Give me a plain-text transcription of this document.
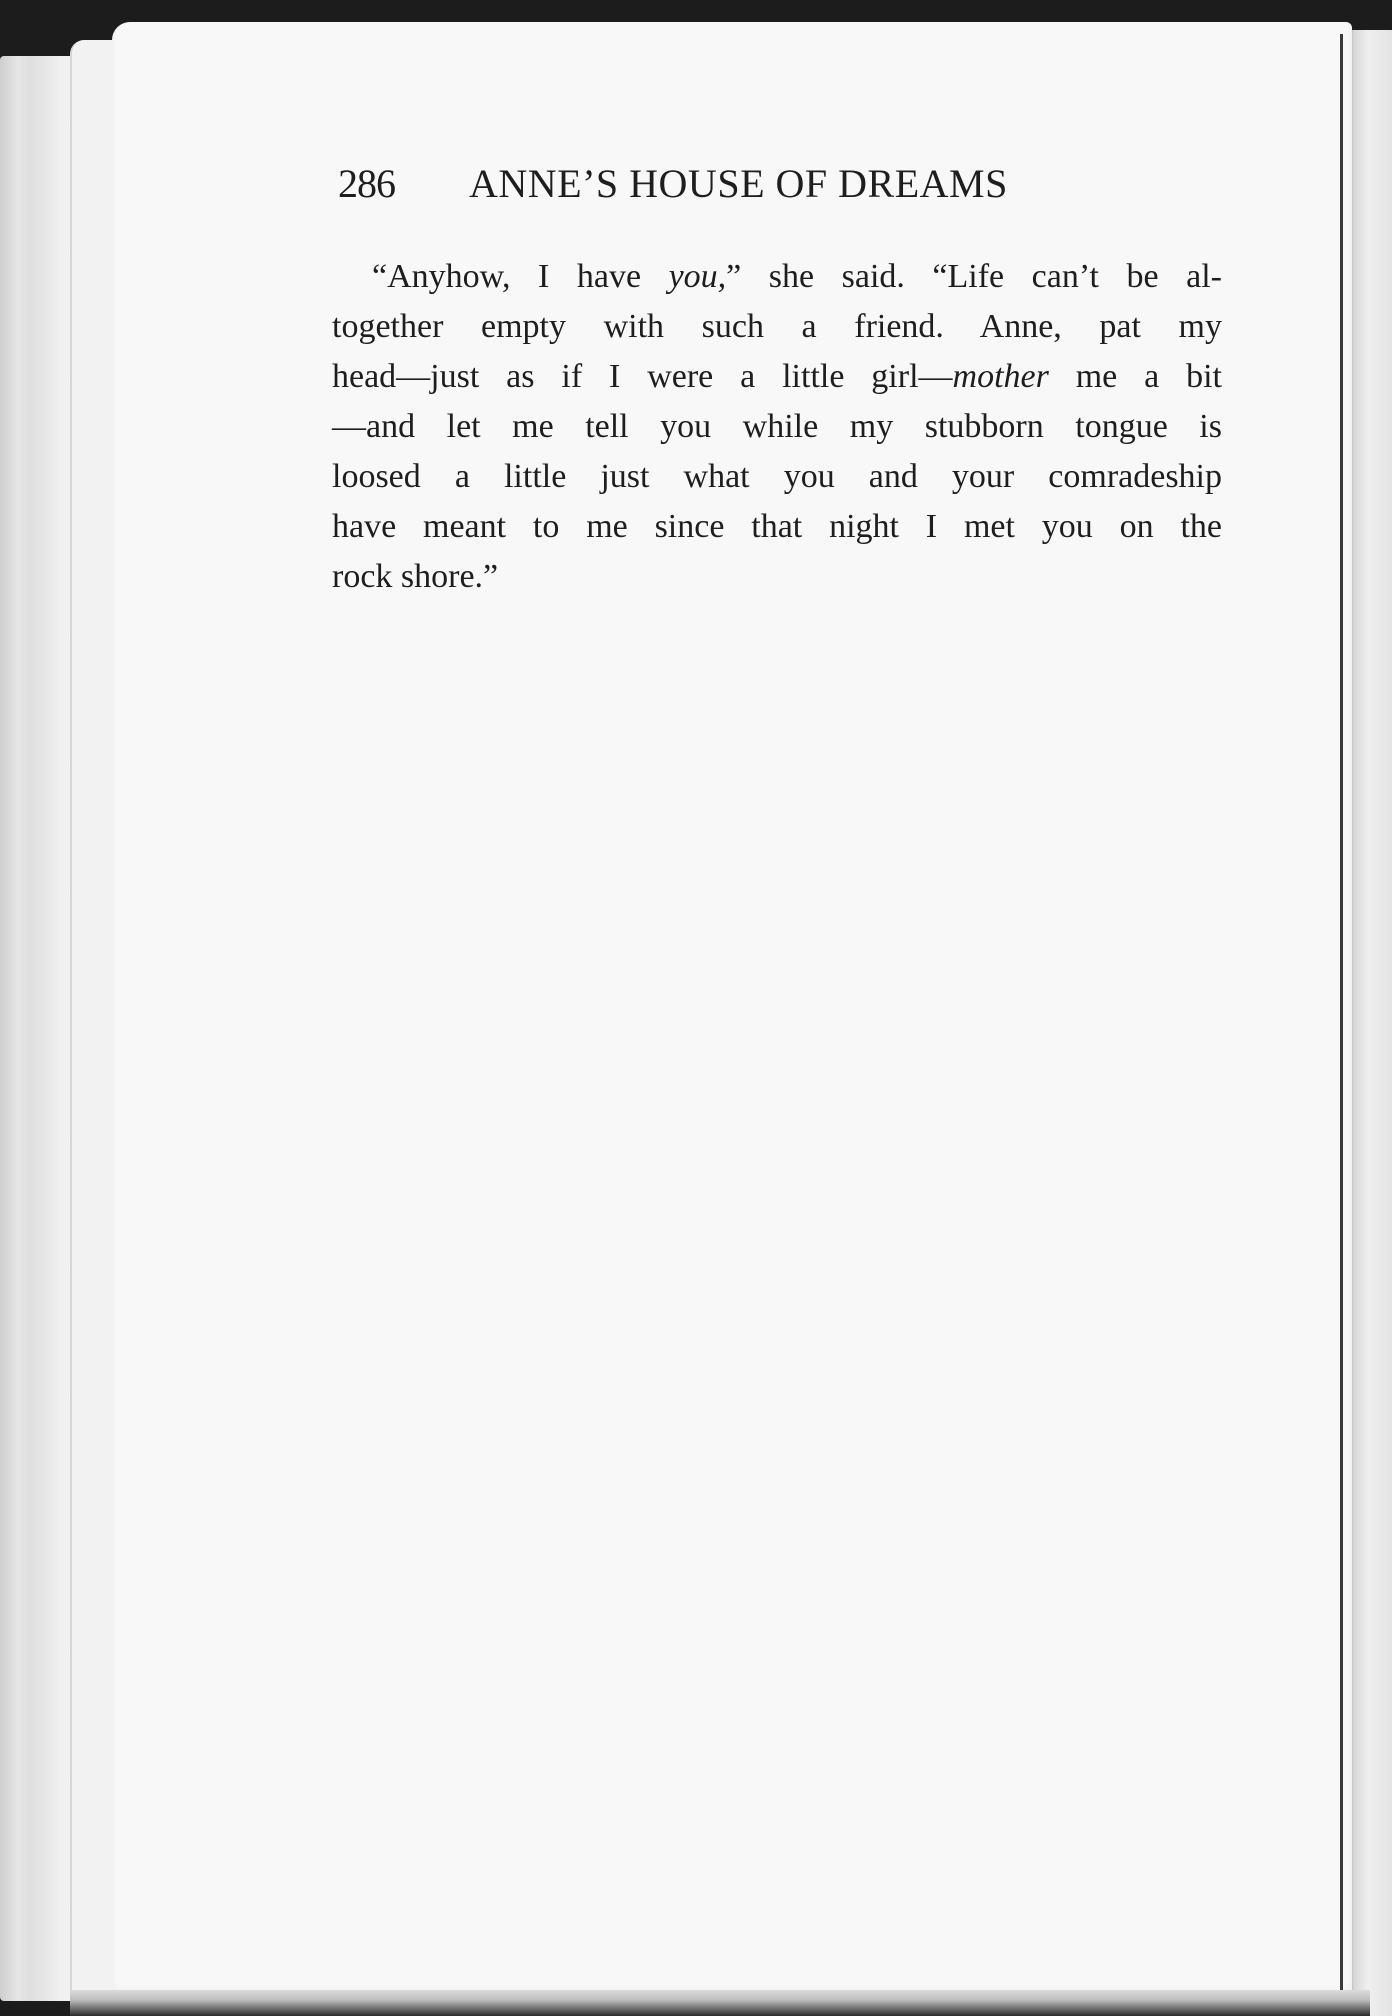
286 ANNE’S HOUSE OF DREAMS
“Anyhow, I have you,” she said. “Life can’t be al-
together empty with such a friend. Anne, pat my
head—just as if I were a little girl—mother me a bit
—and let me tell you while my stubborn tongue is
loosed a little just what you and your comradeship
have meant to me since that night I met you on the
rock shore.”
